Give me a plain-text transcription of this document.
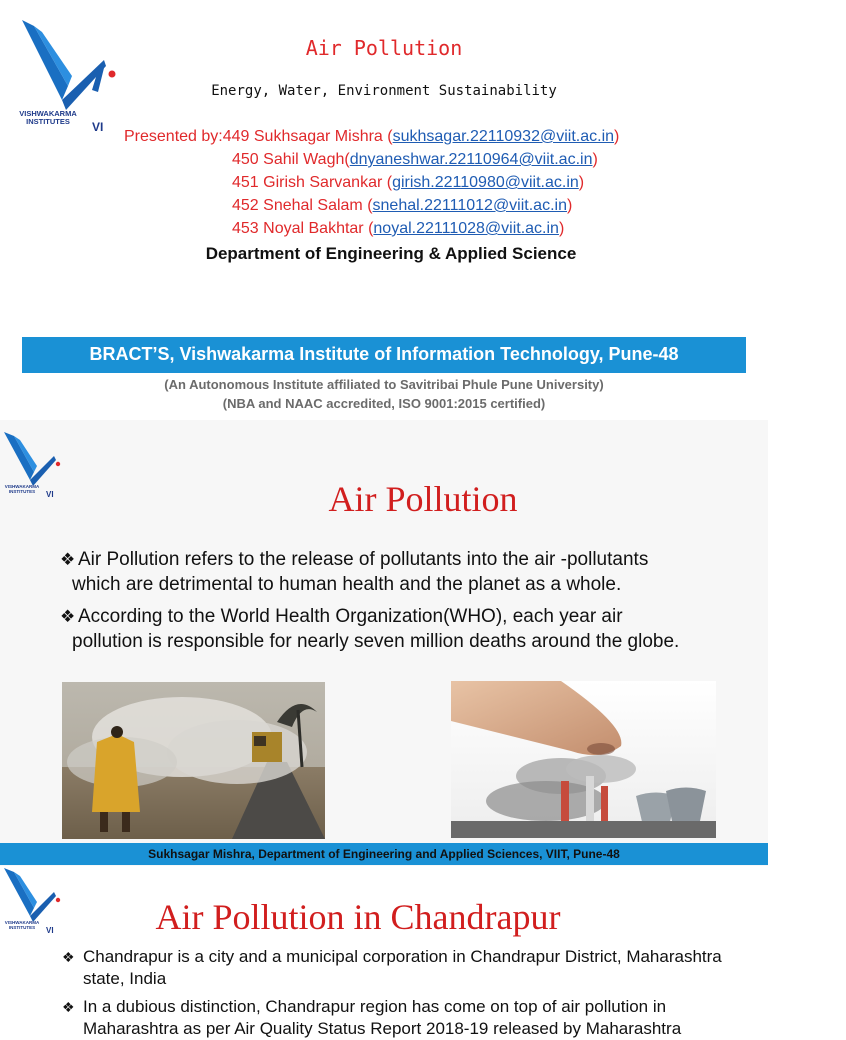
VISHWAKARMA
INSTITUTES	VI
Air Pollution
Energy, Water, Environment Sustainability
Presented by:449 Sukhsagar Mishra (sukhsagar.22110932@viit.ac.in)
450 Sahil Wagh(dnyaneshwar.22110964@viit.ac.in)
451 Girish Sarvankar (girish.22110980@viit.ac.in)
452 Snehal Salam (snehal.22111012@viit.ac.in)
453 Noyal Bakhtar (noyal.22111028@viit.ac.in)
Department of Engineering & Applied Science
BRACT’S, Vishwakarma Institute of Information Technology, Pune-48
(An Autonomous Institute affiliated to Savitribai Phule Pune University)
(NBA and NAAC accredited, ISO 9001:2015 certified)
VISHWAKARMA
INSTITUTES	VI	Air Pollution
❖ Air Pollution refers to the release of pollutants into the air -pollutants
which are detrimental to human health and the planet as a whole.
❖ According to the World Health Organization(WHO), each year air
pollution is responsible for nearly seven million deaths around the globe.
Sukhsagar Mishra, Department of Engineering and Applied Sciences, VIIT, Pune-48
VISHWAKARMA
INSTITUTES	VI	Air Pollution in Chandrapur
❖ Chandrapur is a city and a municipal corporation in Chandrapur District, Maharashtra state, India
❖ In a dubious distinction, Chandrapur region has come on top of air pollution in Maharashtra as per Air Quality Status Report 2018-19 released by Maharashtra
